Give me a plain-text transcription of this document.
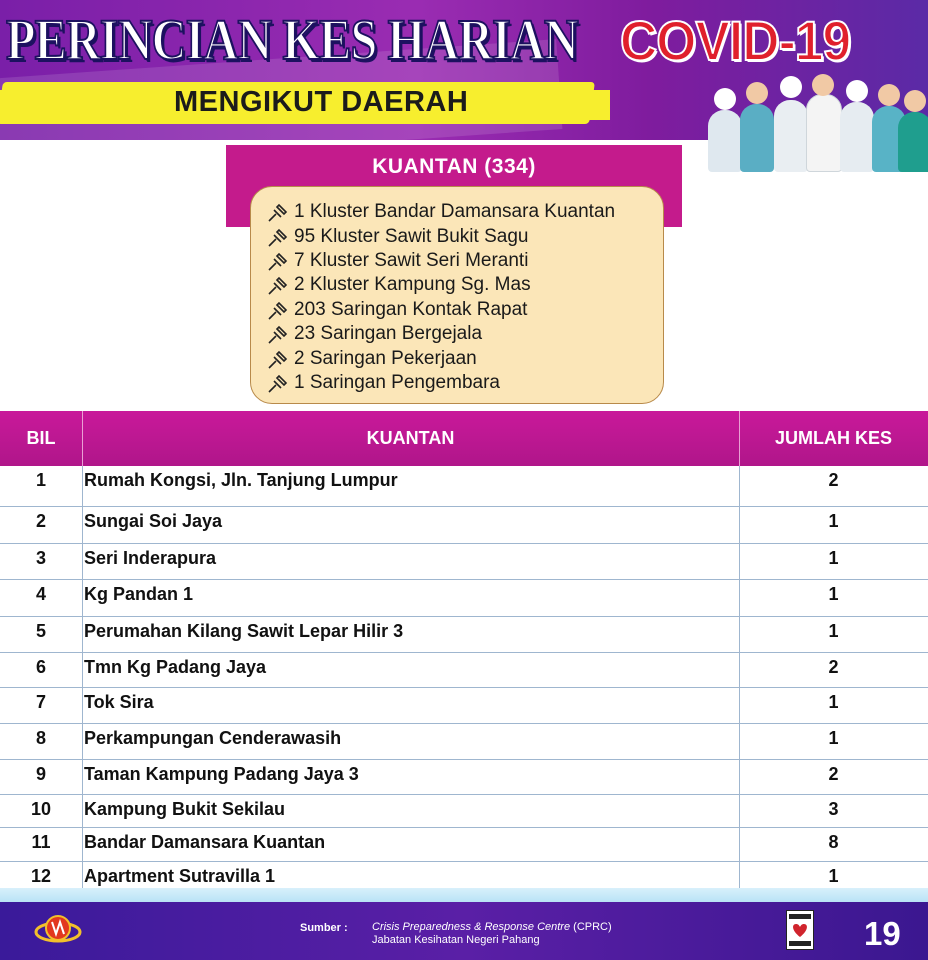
PERINCIAN KES HARIAN COVID-19
MENGIKUT DAERAH
KUANTAN (334)
1 Kluster Bandar Damansara Kuantan
95 Kluster Sawit Bukit Sagu
7 Kluster Sawit Seri Meranti
2 Kluster Kampung Sg. Mas
203 Saringan Kontak Rapat
23 Saringan Bergejala
2 Saringan Pekerjaan
1 Saringan Pengembara
BIL	KUANTAN	JUMLAH KES
1	Rumah Kongsi, Jln. Tanjung Lumpur	2
2	Sungai Soi Jaya	1
3	Seri Inderapura	1
4	Kg Pandan 1	1
5	Perumahan Kilang Sawit Lepar Hilir 3	1
6	Tmn Kg Padang Jaya	2
7	Tok Sira	1
8	Perkampungan Cenderawasih	1
9	Taman Kampung Padang Jaya 3	2
10	Kampung Bukit Sekilau	3
11	Bandar Damansara Kuantan	8
12	Apartment Sutravilla 1	1
Sumber : Crisis Preparedness & Response Centre (CPRC)
Jabatan Kesihatan Negeri Pahang	19
